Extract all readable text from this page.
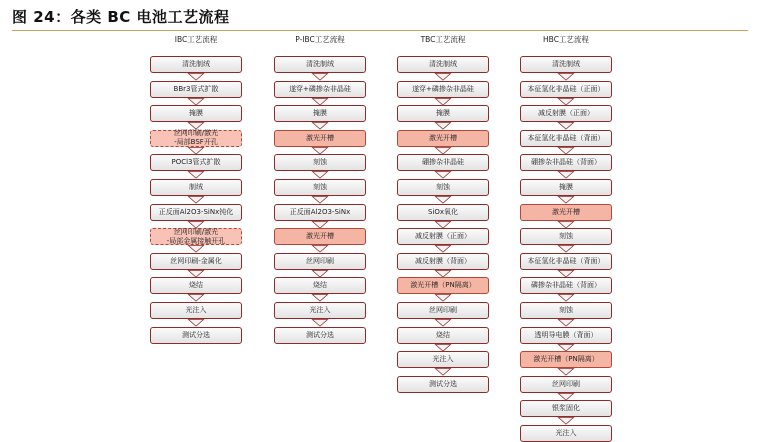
图 24：各类 BC 电池工艺流程
IBC工艺流程
清洗制绒
BBr3管式扩散
掩膜
丝网印刷/激光
-局部BSF开孔
POCl3管式扩散
制绒
正反面Al2O3-SiNx钝化
丝网印刷/激光
-局部金属接触开孔
丝网印刷-金属化
烧结
光注入
测试分选
P-IBC工艺流程
清洗制绒
遂穿+磷掺杂非晶硅
掩膜
激光开槽
刻蚀
刻蚀
正反面Al2O3-SiNx
激光开槽
丝网印刷
烧结
光注入
测试分选
TBC工艺流程
清洗制绒
遂穿+磷掺杂非晶硅
掩膜
激光开槽
硼掺杂非晶硅
刻蚀
SiOx氧化
减反射膜（正面）
减反射膜（背面）
激光开槽（PN隔离）
丝网印刷
烧结
光注入
测试分选
HBC工艺流程
清洗制绒
本征氢化非晶硅（正面）
减反射膜（正面）
本征氢化非晶硅（背面）
硼掺杂非晶硅（背面）
掩膜
激光开槽
刻蚀
本征氢化非晶硅（背面）
磷掺杂非晶硅（背面）
刻蚀
透明导电膜（背面）
激光开槽（PN隔离）
丝网印刷
银浆固化
光注入
